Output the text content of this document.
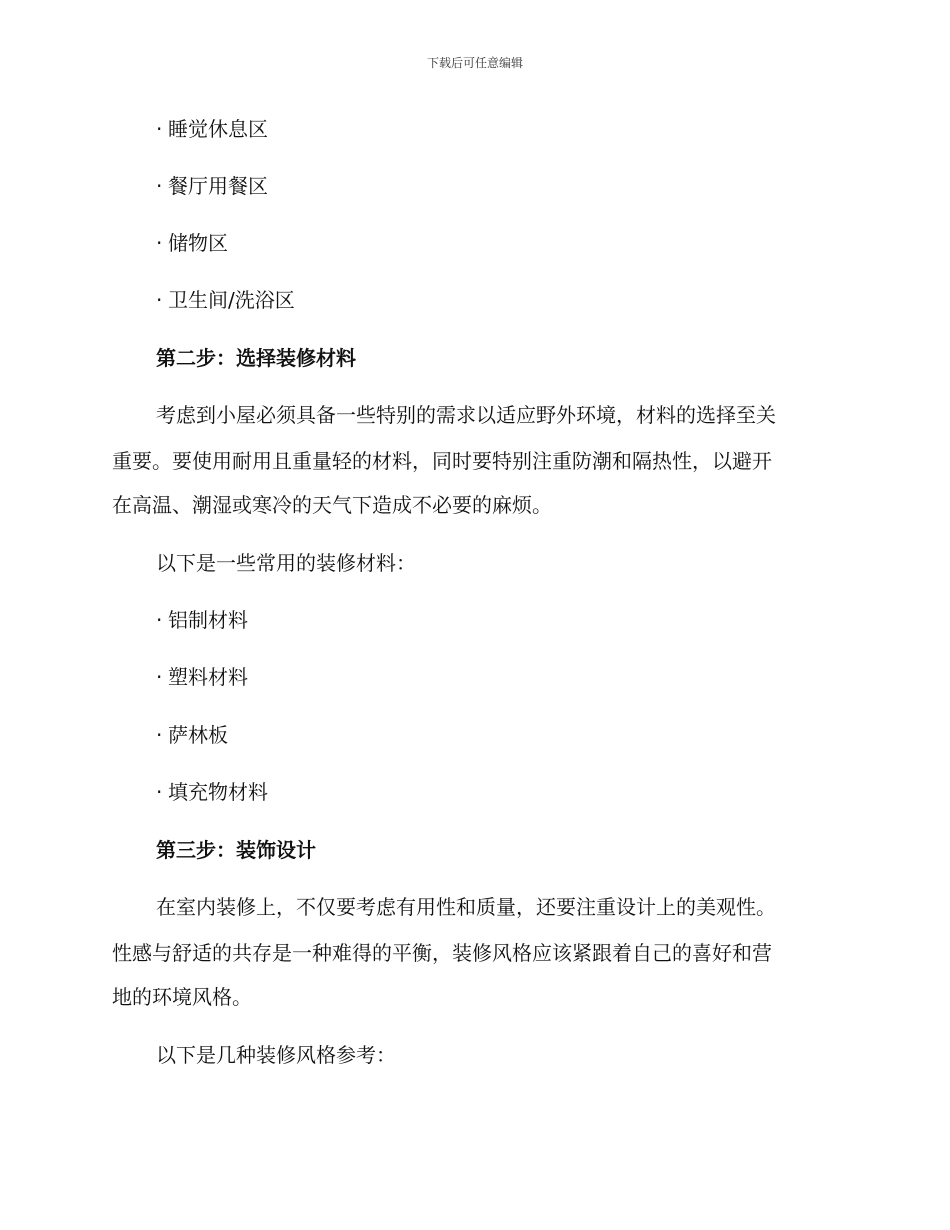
下载后可任意编辑
· 睡觉休息区
· 餐厅用餐区
· 储物区
· 卫生间/洗浴区
第二步：选择装修材料
考虑到小屋必须具备一些特别的需求以适应野外环境，材料的选择至关
重要。要使用耐用且重量轻的材料，同时要特别注重防潮和隔热性，以避开
在高温、潮湿或寒冷的天气下造成不必要的麻烦。
以下是一些常用的装修材料：
· 铝制材料
· 塑料材料
· 萨林板
· 填充物材料
第三步：装饰设计
在室内装修上，不仅要考虑有用性和质量，还要注重设计上的美观性。
性感与舒适的共存是一种难得的平衡，装修风格应该紧跟着自己的喜好和营
地的环境风格。
以下是几种装修风格参考：
